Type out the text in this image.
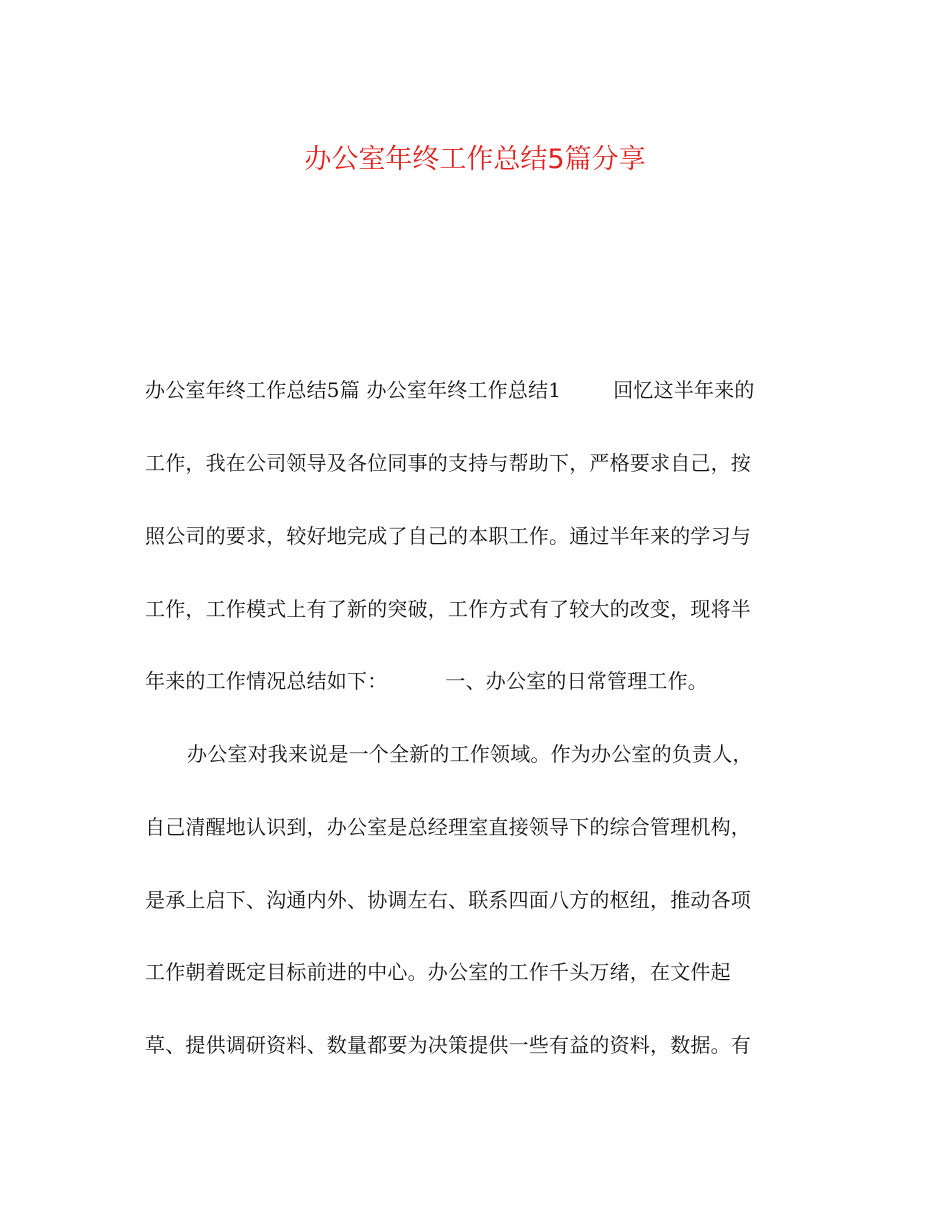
办公室年终工作总结5篇分享
办公室年终工作总结5篇 办公室年终工作总结1	回忆这半年来的
工作，我在公司领导及各位同事的支持与帮助下，严格要求自己，按
照公司的要求，较好地完成了自己的本职工作。通过半年来的学习与
工作，工作模式上有了新的突破，工作方式有了较大的改变，现将半
年来的工作情况总结如下：	一、办公室的日常管理工作。
办公室对我来说是一个全新的工作领域。作为办公室的负责人，
自己清醒地认识到，办公室是总经理室直接领导下的综合管理机构，
是承上启下、沟通内外、协调左右、联系四面八方的枢纽，推动各项
工作朝着既定目标前进的中心。办公室的工作千头万绪，在文件起
草、提供调研资料、数量都要为决策提供一些有益的资料，数据。有
